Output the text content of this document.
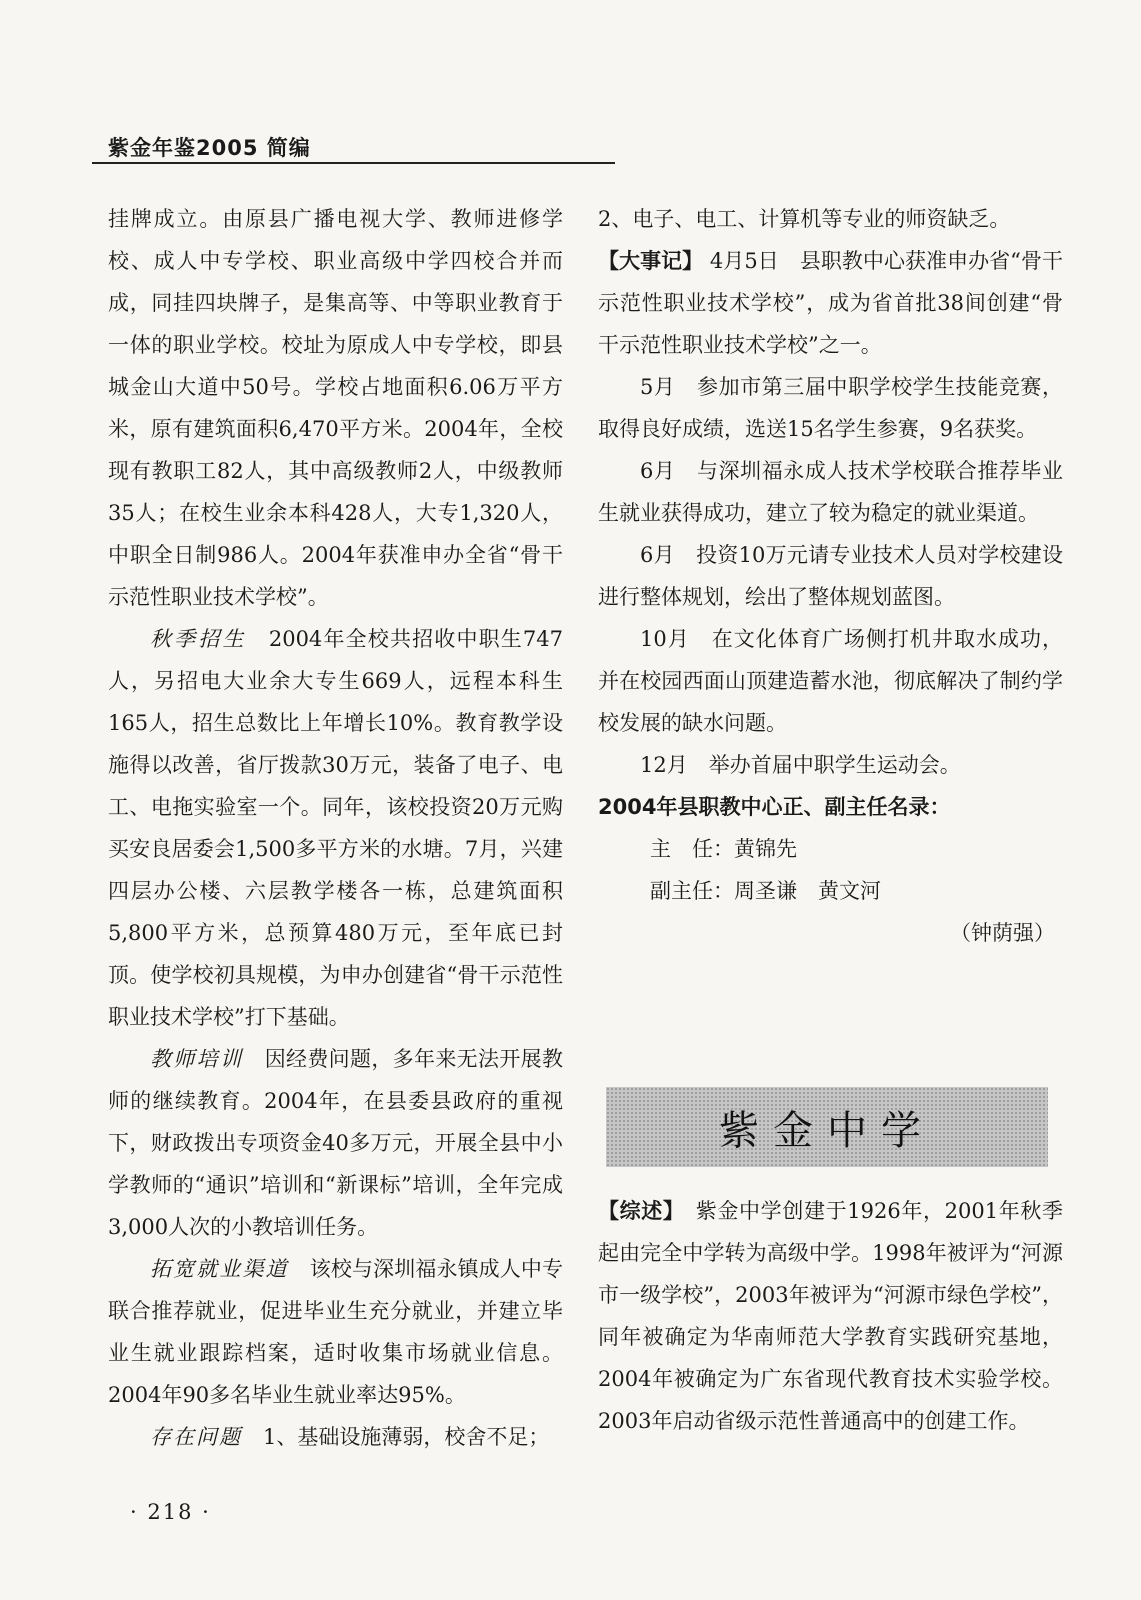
紫金年鉴2005 简编

挂牌成立。由原县广播电视大学、教师进修学校、成人中专学校、职业高级中学四校合并而成，同挂四块牌子，是集高等、中等职业教育于一体的职业学校。校址为原成人中专学校，即县城金山大道中50号。学校占地面积6.06万平方米，原有建筑面积6,470平方米。2004年，全校现有教职工82人，其中高级教师2人，中级教师35人；在校生业余本科428人，大专1,320人，中职全日制986人。2004年获准申办全省“骨干示范性职业技术学校”。

秋季招生　 2004年全校共招收中职生747人，另招电大业余大专生669人，远程本科生165人，招生总数比上年增长10%。教育教学设施得以改善，省厅拨款30万元，装备了电子、电工、电拖实验室一个。同年，该校投资20万元购买安良居委会1,500多平方米的水塘。7月，兴建四层办公楼、六层教学楼各一栋，总建筑面积5,800平方米，总预算480万元，至年底已封顶。使学校初具规模，为申办创建省“骨干示范性职业技术学校”打下基础。

教师培训　 因经费问题，多年来无法开展教师的继续教育。2004年，在县委县政府的重视下，财政拨出专项资金40多万元，开展全县中小学教师的“通识”培训和“新课标”培训，全年完成3,000人次的小教培训任务。

拓宽就业渠道　 该校与深圳福永镇成人中专联合推荐就业，促进毕业生充分就业，并建立毕业生就业跟踪档案，适时收集市场就业信息。2004年90多名毕业生就业率达95%。

存在问题　 1、基础设施薄弱，校舍不足；

2、电子、电工、计算机等专业的师资缺乏。

【大事记】 4月5日　 县职教中心获准申办省“骨干示范性职业技术学校”，成为省首批38间创建“骨干示范性职业技术学校”之一。

5月　 参加市第三届中职学校学生技能竞赛，取得良好成绩，选送15名学生参赛，9名获奖。

6月　 与深圳福永成人技术学校联合推荐毕业生就业获得成功，建立了较为稳定的就业渠道。

6月　 投资10万元请专业技术人员对学校建设进行整体规划，绘出了整体规划蓝图。

10月　 在文化体育广场侧打机井取水成功，并在校园西面山顶建造蓄水池，彻底解决了制约学校发展的缺水问题。

12月　 举办首届中职学生运动会。

2004年县职教中心正、副主任名录：

主　任：黄锦先

副主任：周圣谦　黄文河

（钟荫强）

紫金中学

【综述】　 紫金中学创建于1926年，2001年秋季起由完全中学转为高级中学。1998年被评为“河源市一级学校”，2003年被评为“河源市绿色学校”，同年被确定为华南师范大学教育实践研究基地，2004年被确定为广东省现代教育技术实验学校。2003年启动省级示范性普通高中的创建工作。

· 218 ·
